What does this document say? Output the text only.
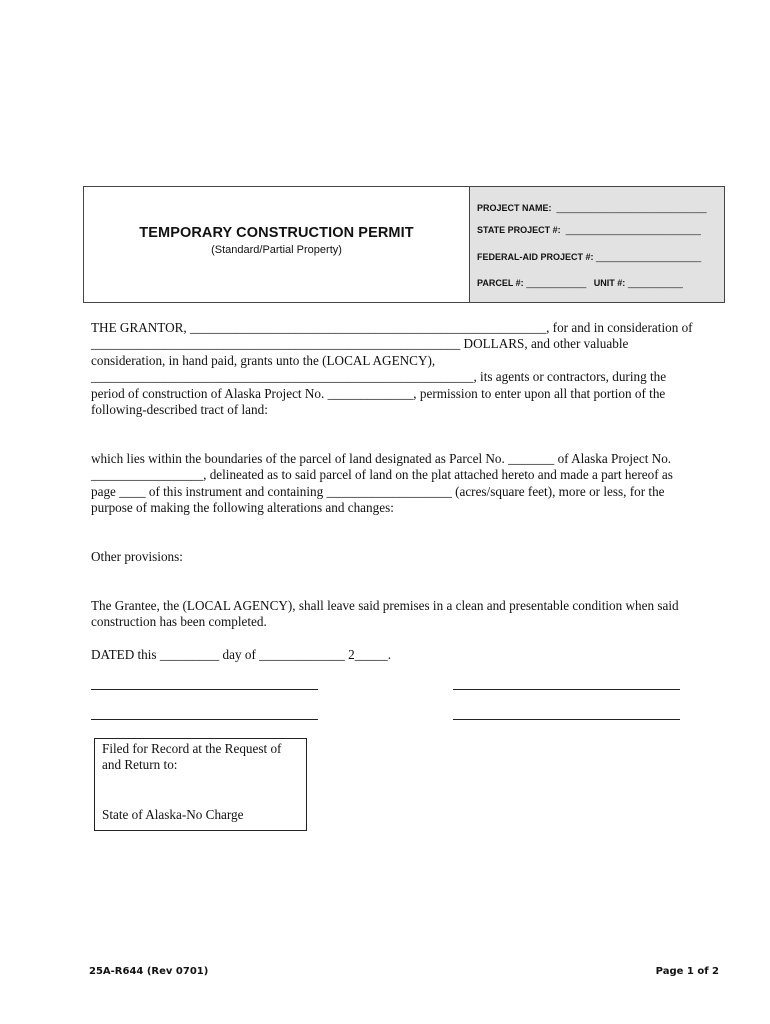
TEMPORARY CONSTRUCTION PERMIT
(Standard/Partial Property)
PROJECT NAME: ______________________________
STATE PROJECT #: ___________________________
FEDERAL-AID PROJECT #: _____________________
PARCEL #: ____________ UNIT #: ___________
THE GRANTOR, ______________________________________________________, for and in consideration of
________________________________________________________ DOLLARS, and other valuable
consideration, in hand paid, grants unto the (LOCAL AGENCY),
__________________________________________________________, its agents or contractors, during the
period of construction of Alaska Project No. _____________, permission to enter upon all that portion of the
following-described tract of land:
which lies within the boundaries of the parcel of land designated as Parcel No. _______ of Alaska Project No.
_________________, delineated as to said parcel of land on the plat attached hereto and made a part hereof as
page ____ of this instrument and containing ___________________ (acres/square feet), more or less, for the
purpose of making the following alterations and changes:
Other provisions:
The Grantee, the (LOCAL AGENCY), shall leave said premises in a clean and presentable condition when said
construction has been completed.
DATED this _________ day of _____________ 2_____.
Filed for Record at the Request of
and Return to:
State of Alaska-No Charge
25A-R644 (Rev 0701)	Page 1 of 2
